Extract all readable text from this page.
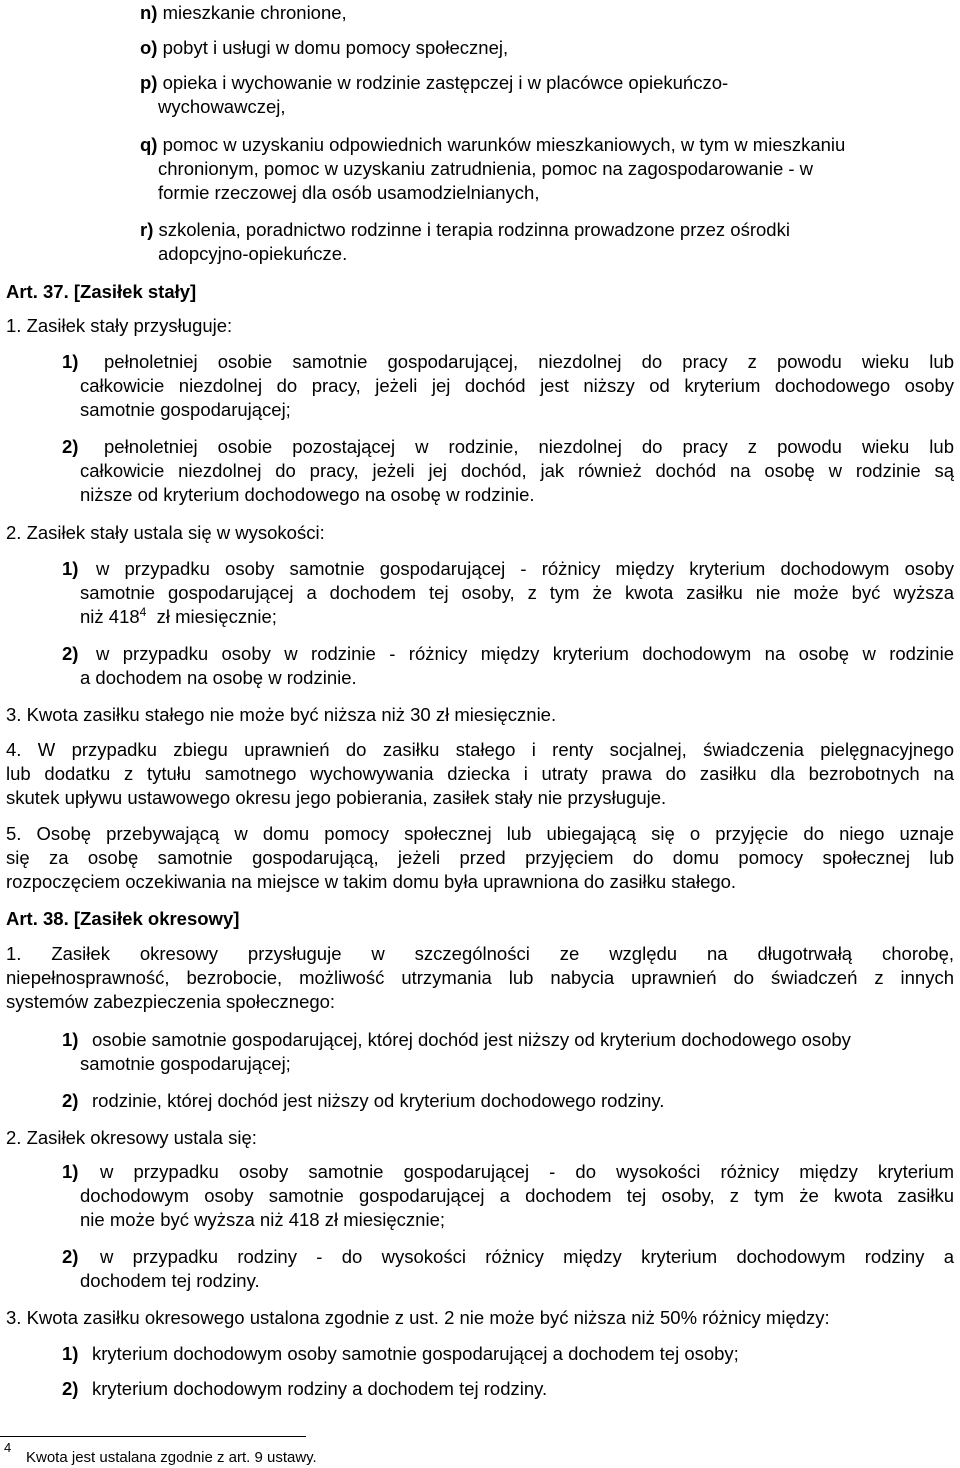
n) mieszkanie chronione,
o) pobyt i usługi w domu pomocy społecznej,
p) opieka i wychowanie w rodzinie zastępczej i w placówce opiekuńczo-
wychowawczej,
q) pomoc w uzyskaniu odpowiednich warunków mieszkaniowych, w tym w mieszkaniu
chronionym, pomoc w uzyskaniu zatrudnienia, pomoc na zagospodarowanie - w
formie rzeczowej dla osób usamodzielnianych,
r) szkolenia, poradnictwo rodzinne i terapia rodzinna prowadzone przez ośrodki
adopcyjno-opiekuńcze.
Art. 37. [Zasiłek stały]
1. Zasiłek stały przysługuje:
1) pełnoletniej osobie samotnie gospodarującej, niezdolnej do pracy z powodu wieku lub
całkowicie niezdolnej do pracy, jeżeli jej dochód jest niższy od kryterium dochodowego osoby
samotnie gospodarującej;
2) pełnoletniej osobie pozostającej w rodzinie, niezdolnej do pracy z powodu wieku lub
całkowicie niezdolnej do pracy, jeżeli jej dochód, jak również dochód na osobę w rodzinie są
niższe od kryterium dochodowego na osobę w rodzinie.
2. Zasiłek stały ustala się w wysokości:
1) w przypadku osoby samotnie gospodarującej - różnicy między kryterium dochodowym osoby
samotnie gospodarującej a dochodem tej osoby, z tym że kwota zasiłku nie może być wyższa
niż $418^4$ zł miesięcznie;
2) w przypadku osoby w rodzinie - różnicy między kryterium dochodowym na osobę w rodzinie
a dochodem na osobę w rodzinie.
3. Kwota zasiłku stałego nie może być niższa niż 30 zł miesięcznie.
4. W przypadku zbiegu uprawnień do zasiłku stałego i renty socjalnej, świadczenia pielęgnacyjnego
lub dodatku z tytułu samotnego wychowywania dziecka i utraty prawa do zasiłku dla bezrobotnych na
skutek upływu ustawowego okresu jego pobierania, zasiłek stały nie przysługuje.
5. Osobę przebywającą w domu pomocy społecznej lub ubiegającą się o przyjęcie do niego uznaje
się za osobę samotnie gospodarującą, jeżeli przed przyjęciem do domu pomocy społecznej lub
rozpoczęciem oczekiwania na miejsce w takim domu była uprawniona do zasiłku stałego.
Art. 38. [Zasiłek okresowy]
1. Zasiłek okresowy przysługuje w szczególności ze względu na długotrwałą chorobę,
niepełnosprawność, bezrobocie, możliwość utrzymania lub nabycia uprawnień do świadczeń z innych
systemów zabezpieczenia społecznego:
1) osobie samotnie gospodarującej, której dochód jest niższy od kryterium dochodowego osoby
samotnie gospodarującej;
2) rodzinie, której dochód jest niższy od kryterium dochodowego rodziny.
2. Zasiłek okresowy ustala się:
1) w przypadku osoby samotnie gospodarującej - do wysokości różnicy między kryterium
dochodowym osoby samotnie gospodarującej a dochodem tej osoby, z tym że kwota zasiłku
nie może być wyższa niż 418 zł miesięcznie;
2) w przypadku rodziny - do wysokości różnicy między kryterium dochodowym rodziny a
dochodem tej rodziny.
3. Kwota zasiłku okresowego ustalona zgodnie z ust. 2 nie może być niższa niż 50% różnicy między:
1) kryterium dochodowym osoby samotnie gospodarującej a dochodem tej osoby;
2) kryterium dochodowym rodziny a dochodem tej rodziny.
4
Kwota jest ustalana zgodnie z art. 9 ustawy.
